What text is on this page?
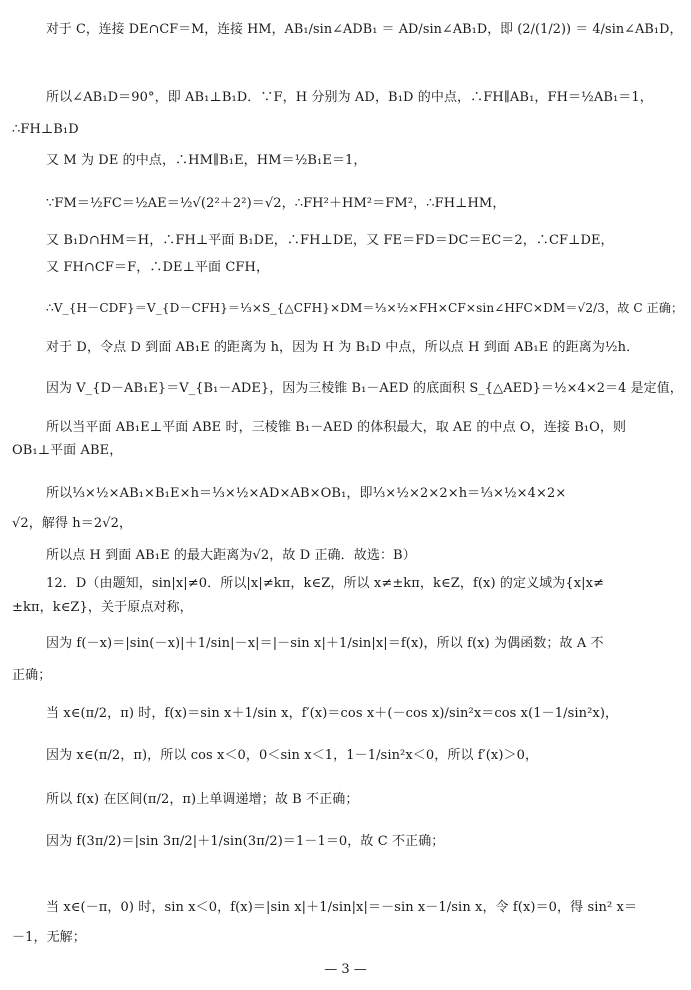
对于 C，连接 DE∩CF＝M，连接 HM，AB₁/sin∠ADB₁ ＝ AD/sin∠AB₁D，即 (2/(1/2)) ＝ 4/sin∠AB₁D，
所以∠AB₁D＝90°，即 AB₁⊥B₁D．∵F，H 分别为 AD，B₁D 的中点，∴FH∥AB₁，FH＝½AB₁＝1，
∴FH⊥B₁D
又 M 为 DE 的中点，∴HM∥B₁E，HM＝½B₁E＝1，
∵FM＝½FC＝½AE＝½√(2²＋2²)＝√2，∴FH²＋HM²＝FM²，∴FH⊥HM，
又 B₁D∩HM＝H，∴FH⊥平面 B₁DE，∴FH⊥DE，又 FE＝FD＝DC＝EC＝2，∴CF⊥DE，
又 FH∩CF＝F，∴DE⊥平面 CFH，
∴V_{H－CDF}＝V_{D－CFH}＝⅓×S_{△CFH}×DM＝⅓×½×FH×CF×sin∠HFC×DM＝√2/3，故 C 正确；
对于 D，令点 D 到面 AB₁E 的距离为 h，因为 H 为 B₁D 中点，所以点 H 到面 AB₁E 的距离为½h．
因为 V_{D－AB₁E}＝V_{B₁－ADE}，因为三棱锥 B₁－AED 的底面积 S_{△AED}＝½×4×2＝4 是定值，
所以当平面 AB₁E⊥平面 ABE 时，三棱锥 B₁－AED 的体积最大，取 AE 的中点 O，连接 B₁O，则
OB₁⊥平面 ABE，
所以⅓×½×AB₁×B₁E×h＝⅓×½×AD×AB×OB₁，即⅓×½×2×2×h＝⅓×½×4×2×
√2，解得 h＝2√2，
所以点 H 到面 AB₁E 的最大距离为√2，故 D 正确．故选：B）
12．D（由题知，sin|x|≠0．所以|x|≠kπ，k∈Z，所以 x≠±kπ，k∈Z，f(x) 的定义域为{x|x≠
±kπ，k∈Z}，关于原点对称，
因为 f(－x)＝|sin(－x)|＋1/sin|－x|＝|－sin x|＋1/sin|x|＝f(x)，所以 f(x) 为偶函数；故 A 不
正确；
当 x∈(π/2，π) 时，f(x)＝sin x＋1/sin x，f′(x)＝cos x＋(－cos x)/sin²x＝cos x(1－1/sin²x)，
因为 x∈(π/2，π)，所以 cos x＜0，0＜sin x＜1，1－1/sin²x＜0，所以 f′(x)＞0，
所以 f(x) 在区间(π/2，π)上单调递增；故 B 不正确；
因为 f(3π/2)＝|sin 3π/2|＋1/sin(3π/2)＝1－1＝0，故 C 不正确；
当 x∈(－π，0) 时，sin x＜0，f(x)＝|sin x|＋1/sin|x|＝－sin x－1/sin x，令 f(x)＝0，得 sin² x＝
－1，无解；
— 3 —
